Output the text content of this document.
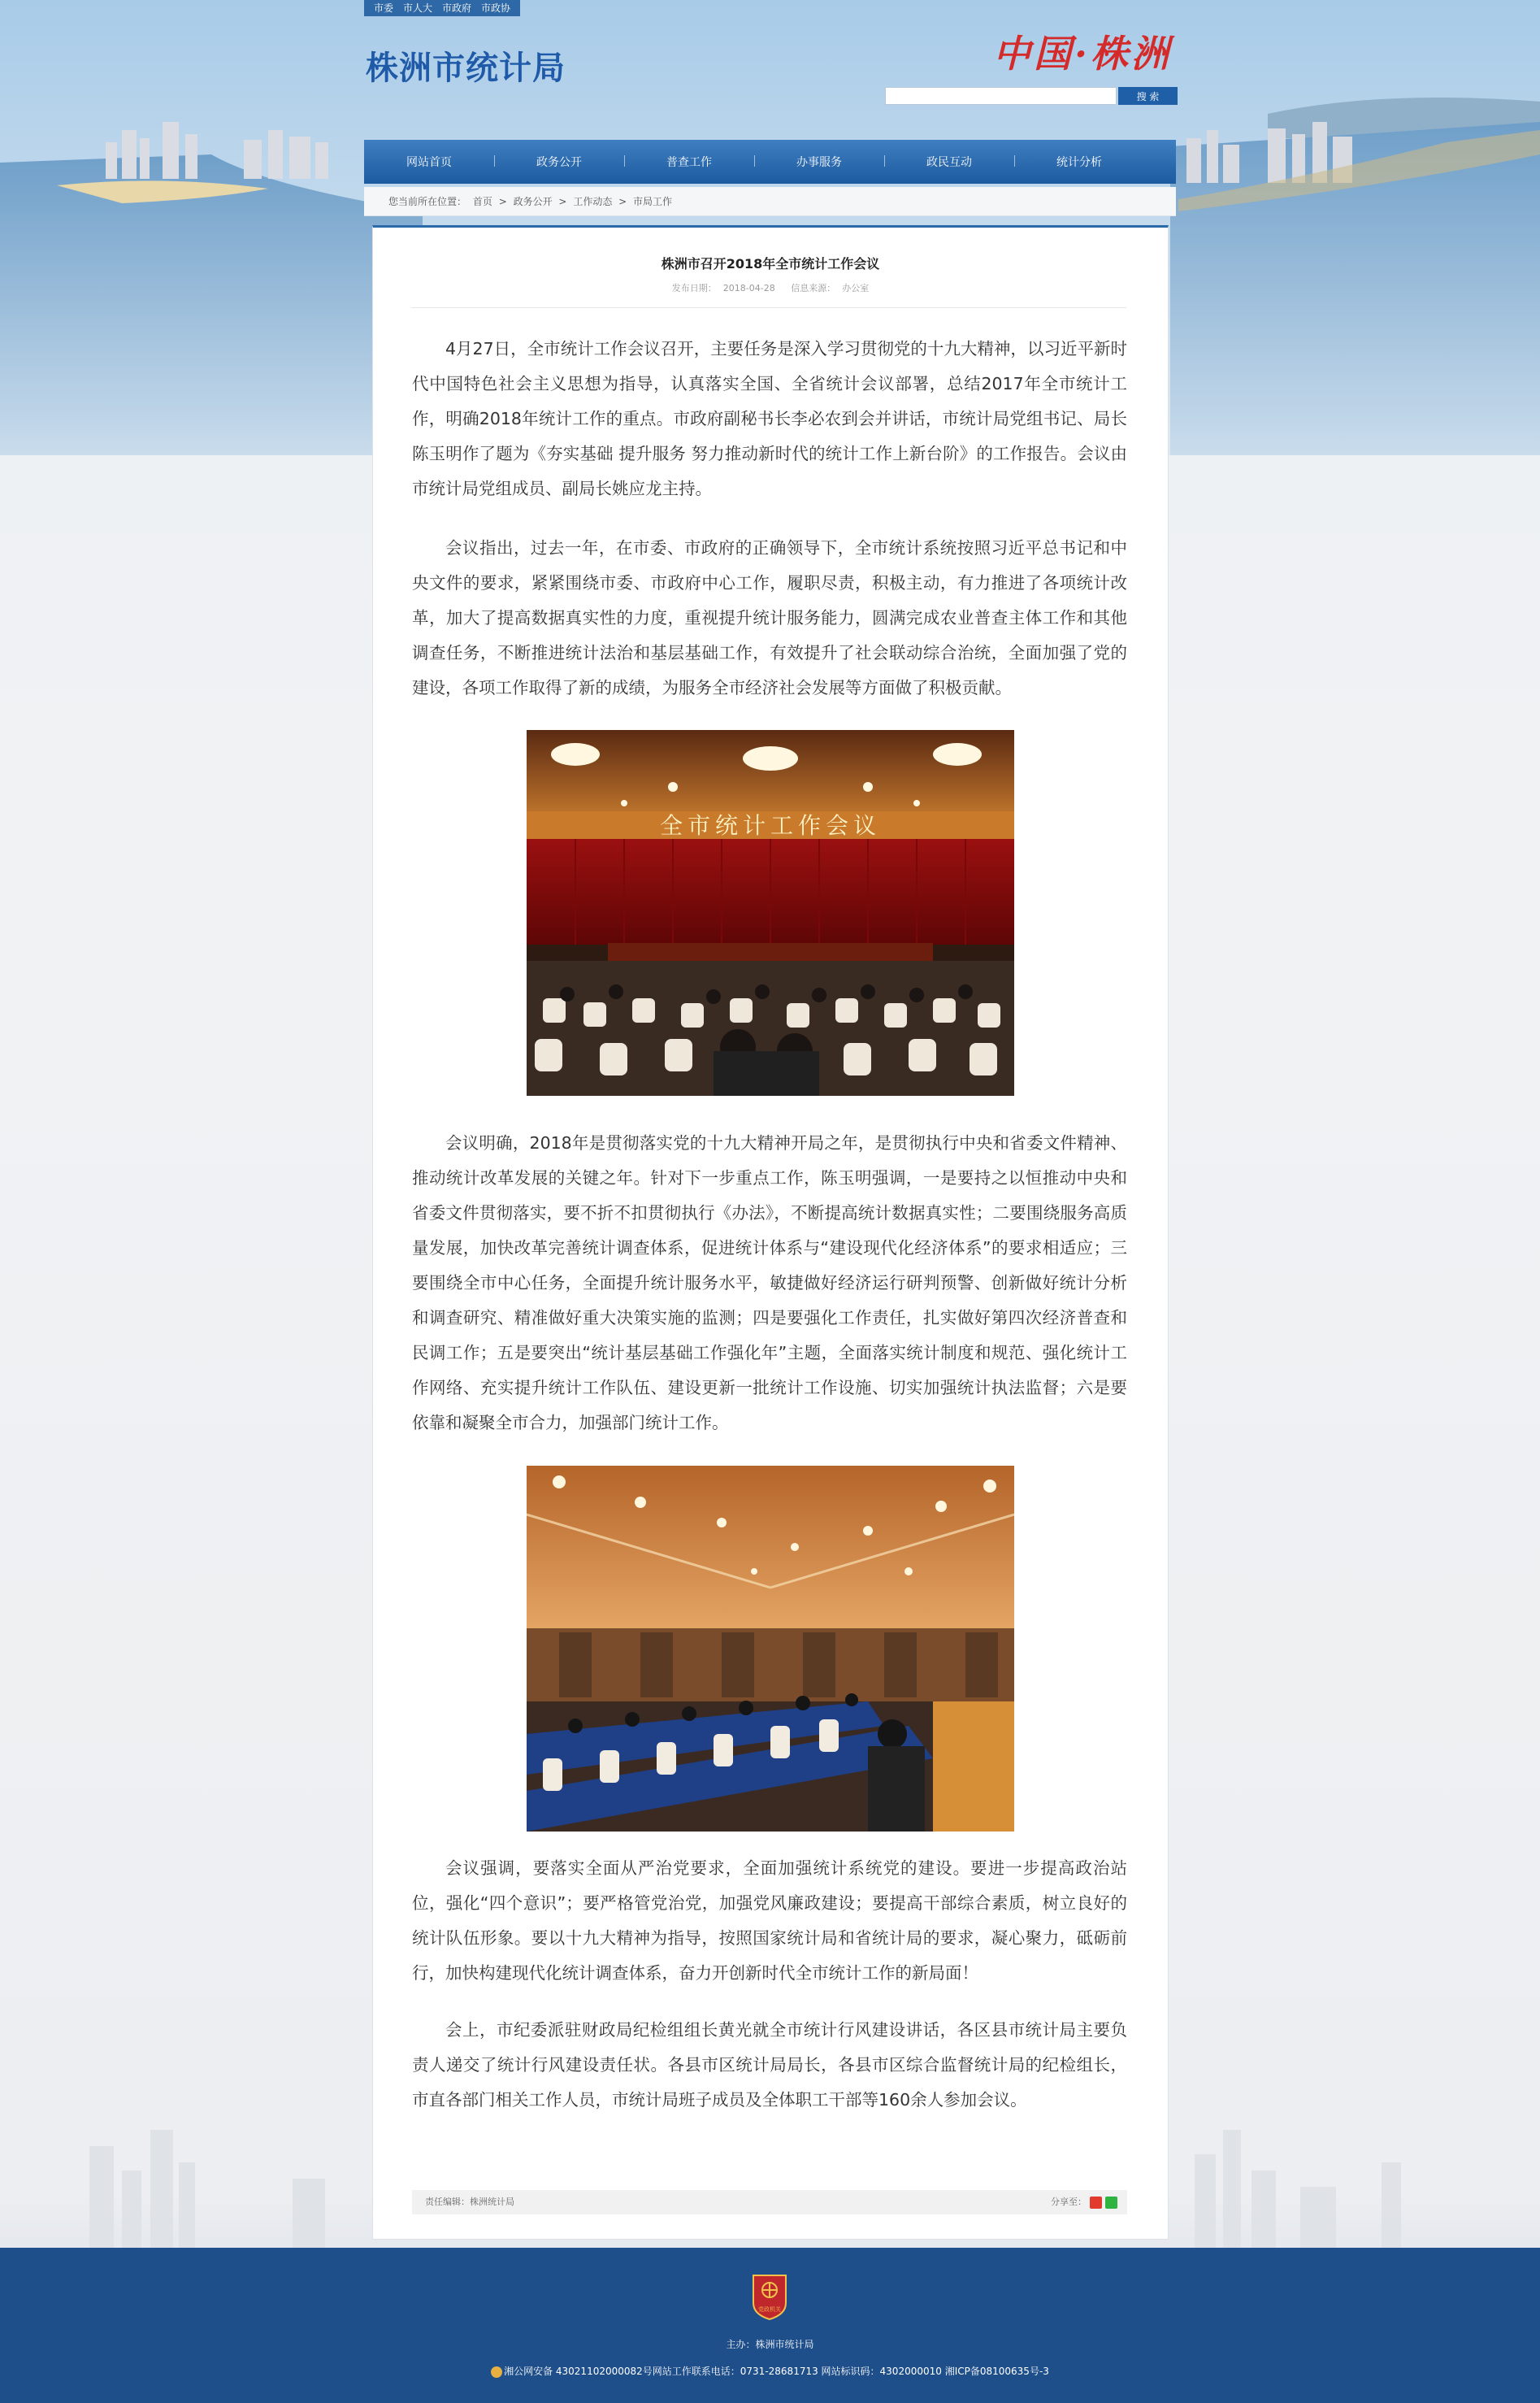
市委 市人大 市政府 市政协
株洲市统计局	中国·株洲
搜 索
网站首页	政务公开	普查工作	办事服务	政民互动	统计分析
您当前所在位置： 首页 > 政务公开 > 工作动态 > 市局工作
株洲市召开2018年全市统计工作会议
发布日期： 2018-04-28 信息来源： 办公室

4月27日，全市统计工作会议召开，主要任务是深入学习贯彻党的十九大精神，以习近平新时代中国特色社会主义思想为指导，认真落实全国、全省统计会议部署，总结2017年全市统计工作，明确2018年统计工作的重点。市政府副秘书长李必农到会并讲话，市统计局党组书记、局长陈玉明作了题为《夯实基础 提升服务 努力推动新时代的统计工作上新台阶》的工作报告。会议由市统计局党组成员、副局长姚应龙主持。

会议指出，过去一年，在市委、市政府的正确领导下，全市统计系统按照习近平总书记和中央文件的要求，紧紧围绕市委、市政府中心工作，履职尽责，积极主动，有力推进了各项统计改革，加大了提高数据真实性的力度，重视提升统计服务能力，圆满完成农业普查主体工作和其他调查任务，不断推进统计法治和基层基础工作，有效提升了社会联动综合治统，全面加强了党的建设，各项工作取得了新的成绩，为服务全市经济社会发展等方面做了积极贡献。

全市统计工作会议

会议明确，2018年是贯彻落实党的十九大精神开局之年，是贯彻执行中央和省委文件精神、推动统计改革发展的关键之年。针对下一步重点工作，陈玉明强调，一是要持之以恒推动中央和省委文件贯彻落实，要不折不扣贯彻执行《办法》，不断提高统计数据真实性；二要围绕服务高质量发展，加快改革完善统计调查体系，促进统计体系与“建设现代化经济体系”的要求相适应；三要围绕全市中心任务，全面提升统计服务水平，敏捷做好经济运行研判预警、创新做好统计分析和调查研究、精准做好重大决策实施的监测；四是要强化工作责任，扎实做好第四次经济普查和民调工作；五是要突出“统计基层基础工作强化年”主题，全面落实统计制度和规范、强化统计工作网络、充实提升统计工作队伍、建设更新一批统计工作设施、切实加强统计执法监督；六是要依靠和凝聚全市合力，加强部门统计工作。

会议强调，要落实全面从严治党要求，全面加强统计系统党的建设。要进一步提高政治站位，强化“四个意识”；要严格管党治党，加强党风廉政建设；要提高干部综合素质，树立良好的统计队伍形象。要以十九大精神为指导，按照国家统计局和省统计局的要求，凝心聚力，砥砺前行，加快构建现代化统计调查体系，奋力开创新时代全市统计工作的新局面！

会上，市纪委派驻财政局纪检组组长黄光就全市统计行风建设讲话，各区县市统计局主要负责人递交了统计行风建设责任状。各县市区统计局局长，各县市区综合监督统计局的纪检组长，市直各部门相关工作人员，市统计局班子成员及全体职工干部等160余人参加会议。

责任编辑：株洲统计局	分享至：
党政机关
主办：株洲市统计局
湘公网安备 43021102000082号网站工作联系电话：0731-28681713 网站标识码：4302000010 湘ICP备08100635号-3
